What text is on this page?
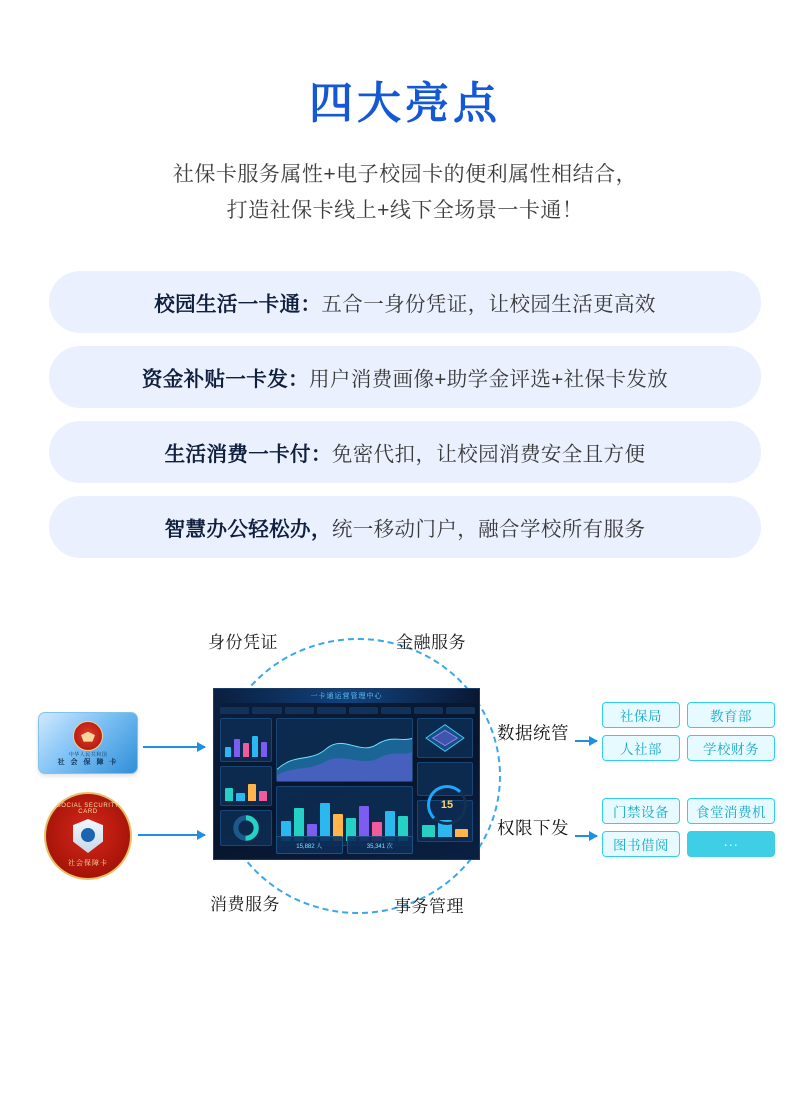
四大亮点
社保卡服务属性+电子校园卡的便利属性相结合，
打造社保卡线上+线下全场景一卡通！
校园生活一卡通： 五合一身份凭证，让校园生活更高效
资金补贴一卡发： 用户消费画像+助学金评选+社保卡发放
生活消费一卡付： 免密代扣，让校园消费安全且方便
智慧办公轻松办， 统一移动门户，融合学校所有服务
身份凭证	金融服务
消费服务	事务管理
中华人民共和国
社 会 保 障 卡
SOCIAL SECURITY CARD
社会保障卡
一卡通运营管理中心
15,882 人	35,341 次
15
数据统管
社保局	教育部
人社部	学校财务
权限下发
门禁设备	食堂消费机
图书借阅	···
